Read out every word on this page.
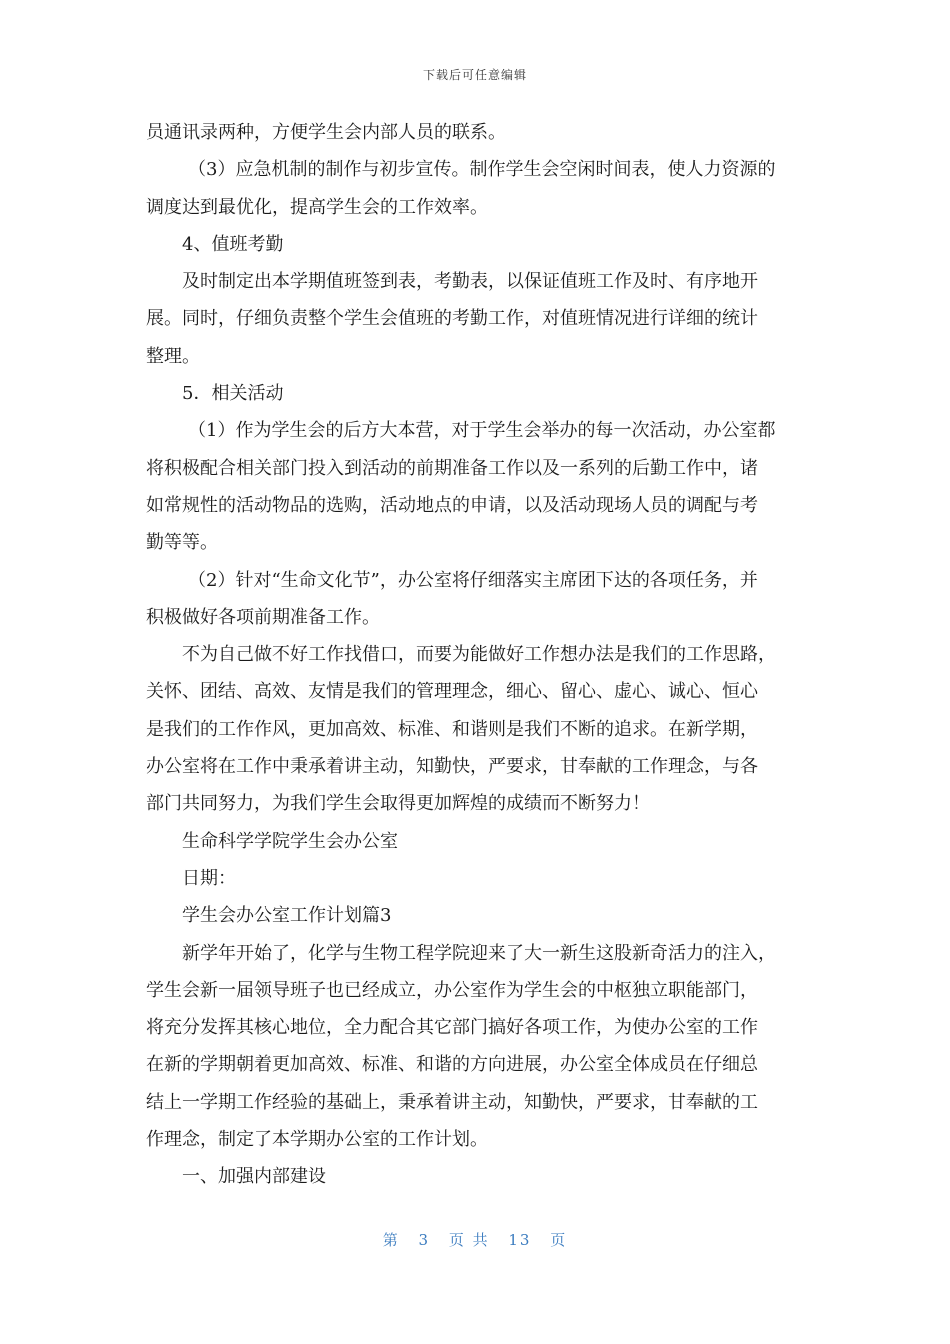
下载后可任意编辑
员通讯录两种，方便学生会内部人员的联系。
（3）应急机制的制作与初步宣传。制作学生会空闲时间表，使人力资源的
调度达到最优化，提高学生会的工作效率。
4、值班考勤
及时制定出本学期值班签到表，考勤表，以保证值班工作及时、有序地开
展。同时，仔细负责整个学生会值班的考勤工作，对值班情况进行详细的统计
整理。
5．相关活动
（1）作为学生会的后方大本营，对于学生会举办的每一次活动，办公室都
将积极配合相关部门投入到活动的前期准备工作以及一系列的后勤工作中，诸
如常规性的活动物品的选购，活动地点的申请，以及活动现场人员的调配与考
勤等等。
（2）针对“生命文化节”，办公室将仔细落实主席团下达的各项任务，并
积极做好各项前期准备工作。
不为自己做不好工作找借口，而要为能做好工作想办法是我们的工作思路，
关怀、团结、高效、友情是我们的管理理念，细心、留心、虚心、诚心、恒心
是我们的工作作风，更加高效、标准、和谐则是我们不断的追求。在新学期，
办公室将在工作中秉承着讲主动，知勤快，严要求，甘奉献的工作理念，与各
部门共同努力，为我们学生会取得更加辉煌的成绩而不断努力！
生命科学学院学生会办公室
日期：
学生会办公室工作计划篇3
新学年开始了，化学与生物工程学院迎来了大一新生这股新奇活力的注入，
学生会新一届领导班子也已经成立，办公室作为学生会的中枢独立职能部门，
将充分发挥其核心地位，全力配合其它部门搞好各项工作，为使办公室的工作
在新的学期朝着更加高效、标准、和谐的方向进展，办公室全体成员在仔细总
结上一学期工作经验的基础上，秉承着讲主动，知勤快，严要求，甘奉献的工
作理念，制定了本学期办公室的工作计划。
一、加强内部建设
第 3 页 共 13 页
